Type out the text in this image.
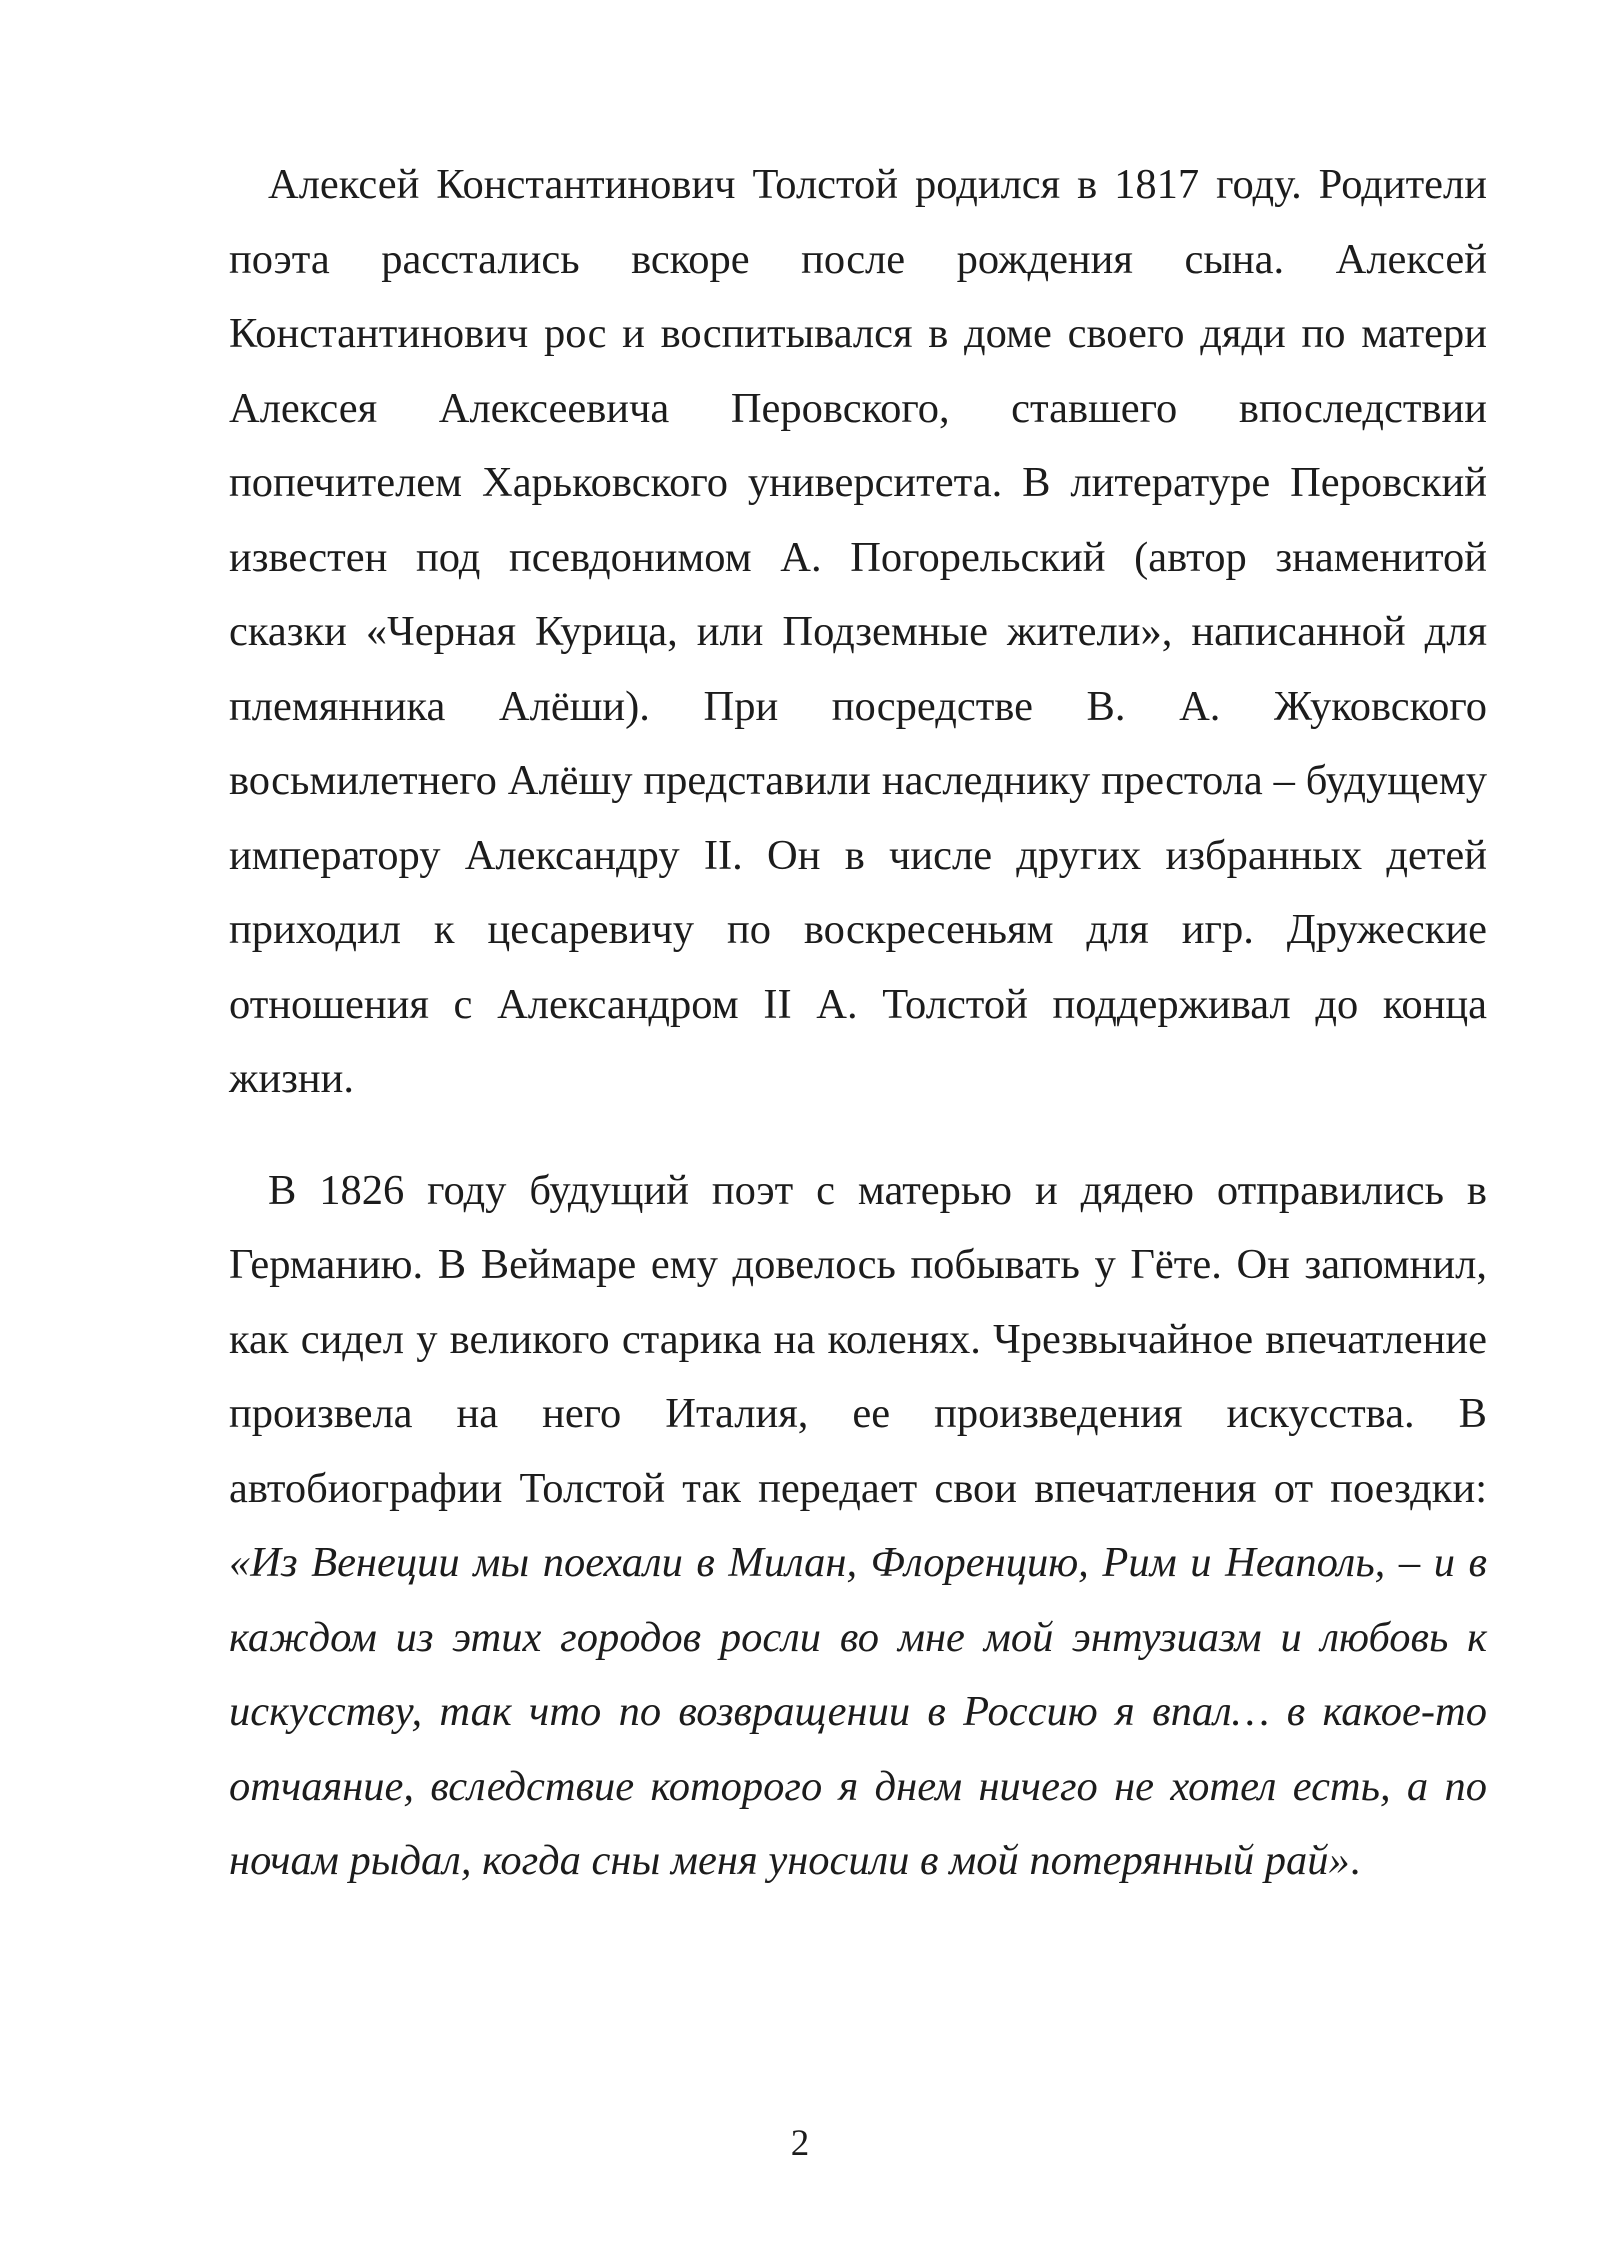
Алексей Константинович Толстой родился в 1817 году. Родители поэта расстались вскоре после рождения сына. Алексей Константинович рос и воспитывался в доме своего дяди по матери Алексея Алексеевича Перовского, ставшего впоследствии попечителем Харьковского университета. В литературе Перовский известен под псевдонимом А. Погорельский (автор знаменитой сказки «Черная Курица, или Подземные жители», написанной для племянника Алёши). При посредстве В. А. Жуковского восьмилетнего Алёшу представили наследнику престола – будущему императору Александру II. Он в числе других избранных детей приходил к цесаревичу по воскресеньям для игр. Дружеские отношения с Александром II А. Толстой поддерживал до конца жизни.

В 1826 году будущий поэт с матерью и дядею отправились в Германию. В Веймаре ему довелось побывать у Гёте. Он запомнил, как сидел у великого старика на коленях. Чрезвычайное впечатление произвела на него Италия, ее произведения искусства. В автобиографии Толстой так передает свои впечатления от поездки: «Из Венеции мы поехали в Милан, Флоренцию, Рим и Неаполь, – и в каждом из этих городов росли во мне мой энтузиазм и любовь к искусству, так что по возвращении в Россию я впал… в какое-то отчаяние, вследствие которого я днем ничего не хотел есть, а по ночам рыдал, когда сны меня уносили в мой потерянный рай».

2
